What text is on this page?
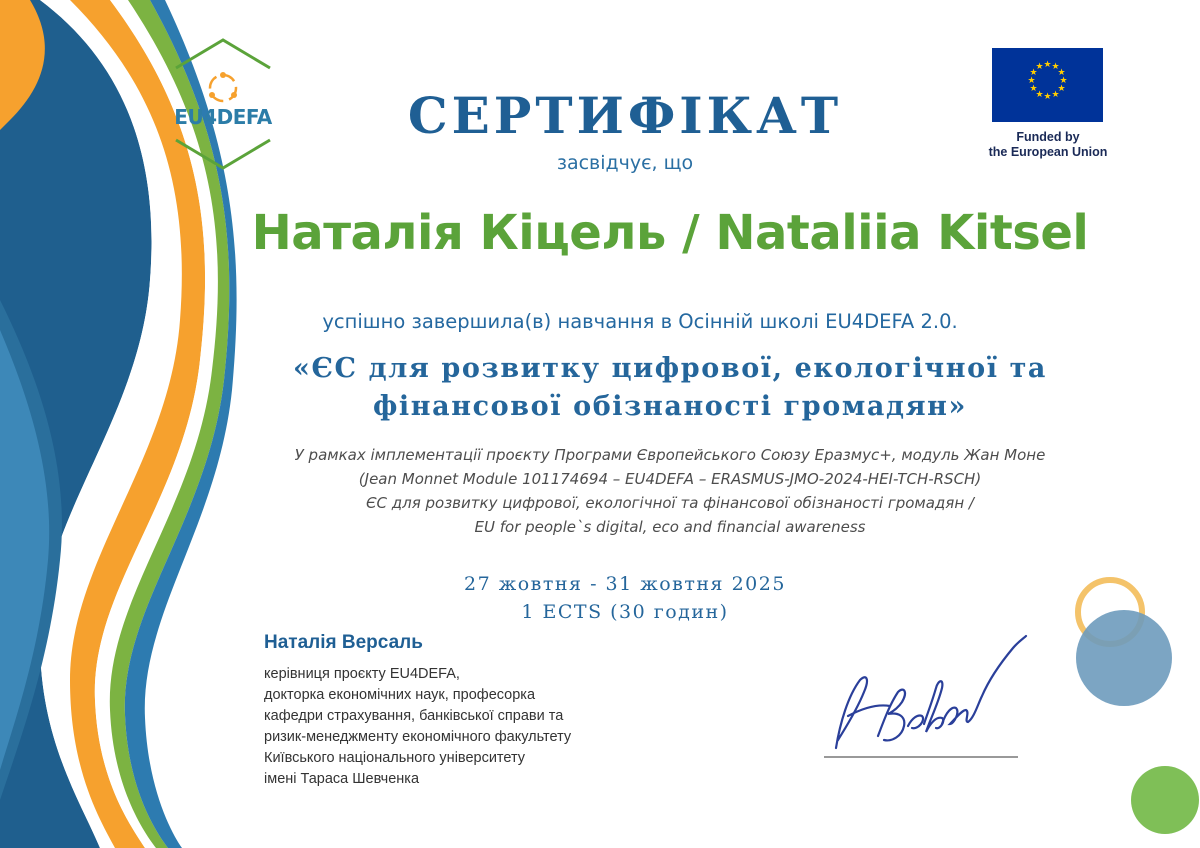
EU4DEFA
★ ★
★
★
★
★
★
★
★
★
★
★
Funded by
the European Union
СЕРТИФІКАТ
засвідчує, що
Наталія Кіцель / Nataliia Kitsel
успішно завершила(в) навчання в Осінній школі EU4DEFA 2.0.
«ЄС для розвитку цифрової, екологічної та
фінансової обізнаності громадян»
У рамках імплементації проєкту Програми Європейського Союзу Еразмус+, модуль Жан Моне
(Jean Monnet Module 101174694 – EU4DEFA – ERASMUS-JMO-2024-HEI-TCH-RSCH)
ЄС для розвитку цифрової, екологічної та фінансової обізнаності громадян /
EU for people`s digital, eco and financial awareness
27 жовтня - 31 жовтня 2025
1 ECTS (30 годин)
Наталія Версаль
керівниця проєкту EU4DEFA,
докторка економічних наук, професорка
кафедри страхування, банківської справи та
ризик-менеджменту економічного факультету
Київського національного університету
імені Тараса Шевченка
